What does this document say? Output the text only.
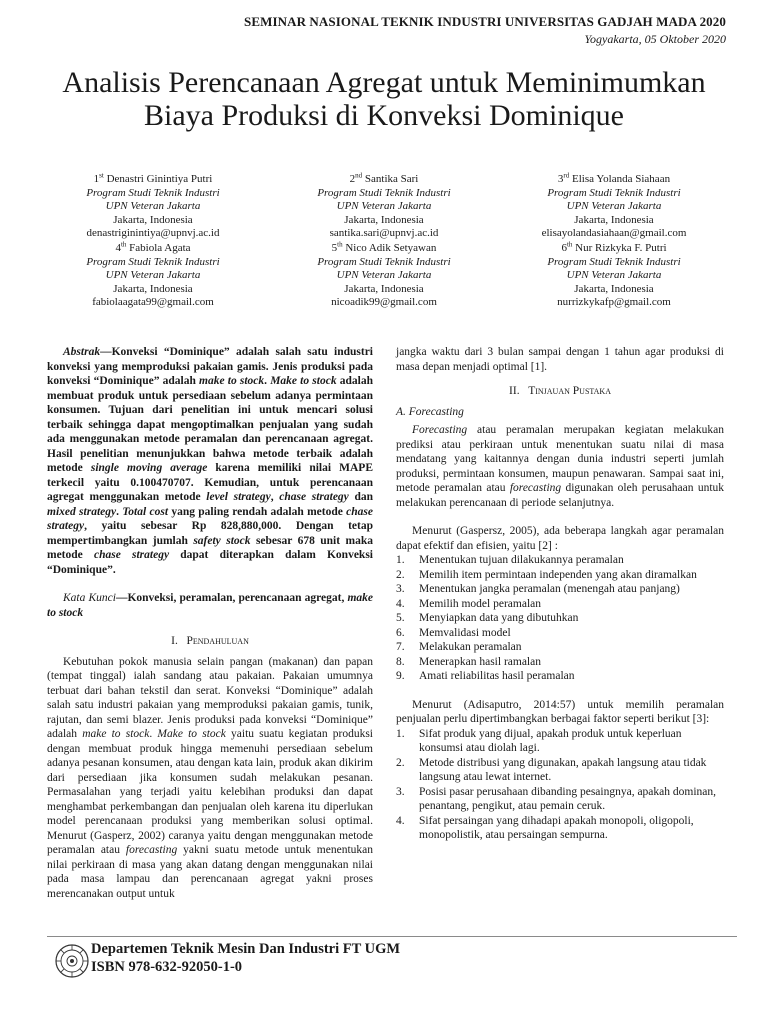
SEMINAR NASIONAL TEKNIK INDUSTRI UNIVERSITAS GADJAH MADA 2020
Yogyakarta, 05 Oktober 2020
Analisis Perencanaan Agregat untuk Meminimumkan
Biaya Produksi di Konveksi Dominique
1st Denastri Ginintiya Putri
Program Studi Teknik Industri
UPN Veteran Jakarta
Jakarta, Indonesia
denastriginintiya@upnvj.ac.id
2nd Santika Sari
Program Studi Teknik Industri
UPN Veteran Jakarta
Jakarta, Indonesia
santika.sari@upnvj.ac.id
3rd Elisa Yolanda Siahaan
Program Studi Teknik Industri
UPN Veteran Jakarta
Jakarta, Indonesia
elisayolandasiahaan@gmail.com
4th Fabiola Agata
Program Studi Teknik Industri
UPN Veteran Jakarta
Jakarta, Indonesia
fabiolaagata99@gmail.com
5th Nico Adik Setyawan
Program Studi Teknik Industri
UPN Veteran Jakarta
Jakarta, Indonesia
nicoadik99@gmail.com
6th Nur Rizkyka F. Putri
Program Studi Teknik Industri
UPN Veteran Jakarta
Jakarta, Indonesia
nurrizkykafp@gmail.com

Abstrak—Konveksi “Dominique” adalah salah satu industri konveksi yang memproduksi pakaian gamis. Jenis produksi pada konveksi “Dominique” adalah make to stock. Make to stock adalah membuat produk untuk persediaan sebelum adanya permintaan konsumen. Tujuan dari penelitian ini untuk mencari solusi terbaik sehingga dapat mengoptimalkan penjualan yang sudah ada menggunakan metode peramalan dan perencanaan agregat. Hasil penelitian menunjukkan bahwa metode terbaik adalah metode single moving average karena memiliki nilai MAPE terkecil yaitu 0.100470707. Kemudian, untuk perencanaan agregat menggunakan metode level strategy, chase strategy dan mixed strategy. Total cost yang paling rendah adalah metode chase strategy, yaitu sebesar Rp 828,880,000. Dengan tetap mempertimbangkan jumlah safety stock sebesar 678 unit maka metode chase strategy dapat diterapkan dalam Konveksi “Dominique”.

Kata Kunci—Konveksi, peramalan, perencanaan agregat, make to stock

I. Pendahuluan

Kebutuhan pokok manusia selain pangan (makanan) dan papan (tempat tinggal) ialah sandang atau pakaian. Pakaian umumnya terbuat dari bahan tekstil dan serat. Konveksi “Dominique” adalah salah satu industri pakaian yang memproduksi pakaian gamis, tunik, rajutan, dan semi blazer. Jenis produksi pada konveksi “Dominique” adalah make to stock. Make to stock yaitu suatu kegiatan produksi dengan membuat produk hingga memenuhi persediaan sebelum adanya pesanan konsumen, atau dengan kata lain, produk akan dikirim dari persediaan jika konsumen sudah melakukan pesanan. Permasalahan yang terjadi yaitu kelebihan produksi dan dapat menghambat perkembangan dan penjualan oleh karena itu diperlukan model perencanaan produksi yang memberikan solusi optimal. Menurut (Gasperz, 2002) caranya yaitu dengan menggunakan metode peramalan atau forecasting yakni suatu metode untuk menentukan nilai perkiraan di masa yang akan datang dengan menggunakan nilai pada masa lampau dan perencanaan agregat yakni proses merencanakan output untuk

jangka waktu dari 3 bulan sampai dengan 1 tahun agar produksi di masa depan menjadi optimal [1].

II. Tinjauan Pustaka
A. Forecasting

Forecasting atau peramalan merupakan kegiatan melakukan prediksi atau perkiraan untuk menentukan suatu nilai di masa mendatang yang kaitannya dengan dunia industri seperti jumlah produksi, permintaan konsumen, maupun penawaran. Sampai saat ini, metode peramalan atau forecasting digunakan oleh perusahaan untuk melakukan perencanaan di periode selanjutnya.

Menurut (Gaspersz, 2005), ada beberapa langkah agar peramalan dapat efektif dan efisien, yaitu [2] :

1. Menentukan tujuan dilakukannya peramalan
2. Memilih item permintaan independen yang akan diramalkan
3. Menentukan jangka peramalan (menengah atau panjang)
4. Memilih model peramalan
5. Menyiapkan data yang dibutuhkan
6. Memvalidasi model
7. Melakukan peramalan
8. Menerapkan hasil ramalan
9. Amati reliabilitas hasil peramalan

Menurut (Adisaputro, 2014:57) untuk memilih peramalan penjualan perlu dipertimbangkan berbagai faktor seperti berikut [3]:

1. Sifat produk yang dijual, apakah produk untuk keperluan konsumsi atau diolah lagi.
2. Metode distribusi yang digunakan, apakah langsung atau tidak langsung atau lewat internet.
3. Posisi pasar perusahaan dibanding pesaingnya, apakah dominan, penantang, pengikut, atau pemain ceruk.
4. Sifat persaingan yang dihadapi apakah monopoli, oligopoli, monopolistik, atau persaingan sempurna.
Departemen Teknik Mesin Dan Industri FT UGM
ISBN 978-632-92050-1-0
